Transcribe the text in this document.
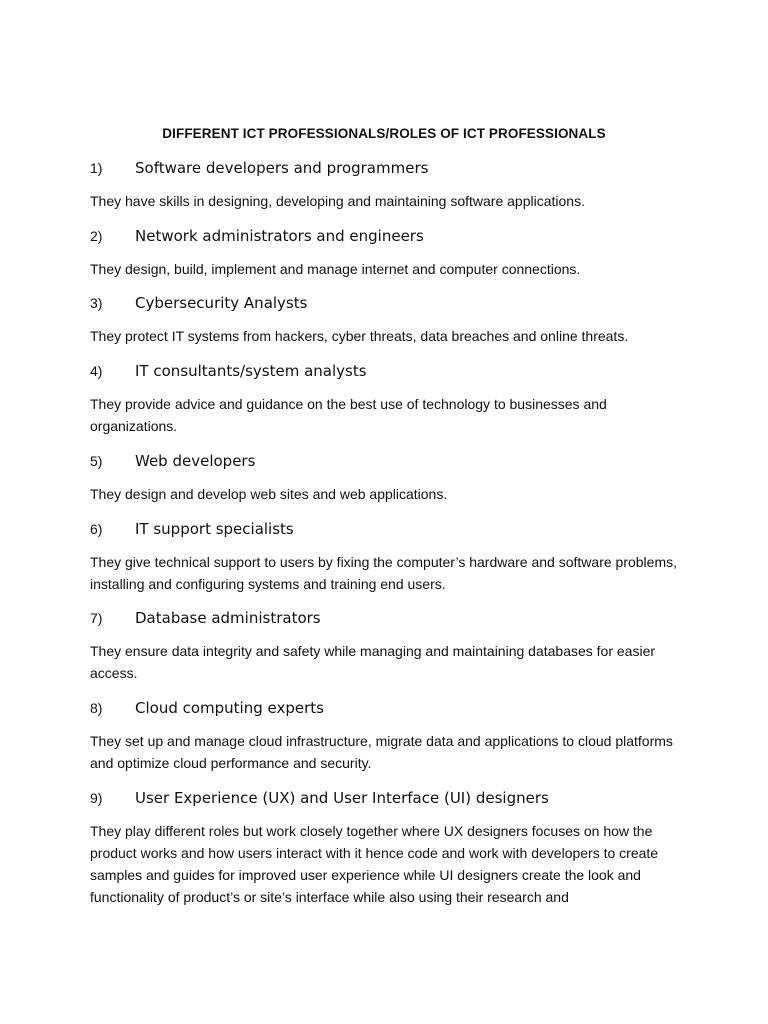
DIFFERENT ICT PROFESSIONALS/ROLES OF ICT PROFESSIONALS
1)	Software developers and programmers
They have skills in designing, developing and maintaining software applications.
2)	Network administrators and engineers
They design, build, implement and manage internet and computer connections.
3)	Cybersecurity Analysts
They protect IT systems from hackers, cyber threats, data breaches and online threats.
4)	IT consultants/system analysts
They provide advice and guidance on the best use of technology to businesses and organizations.
5)	Web developers
They design and develop web sites and web applications.
6)	IT support specialists
They give technical support to users by fixing the computer’s hardware and software problems, installing and configuring systems and training end users.
7)	Database administrators
They ensure data integrity and safety while managing and maintaining databases for easier access.
8)	Cloud computing experts
They set up and manage cloud infrastructure, migrate data and applications to cloud platforms and optimize cloud performance and security.
9)	User Experience (UX) and User Interface (UI) designers
They play different roles but work closely together where UX designers focuses on how the product works and how users interact with it hence code and work with developers to create samples and guides for improved user experience while UI designers create the look and functionality of product’s or site’s interface while also using their research and
